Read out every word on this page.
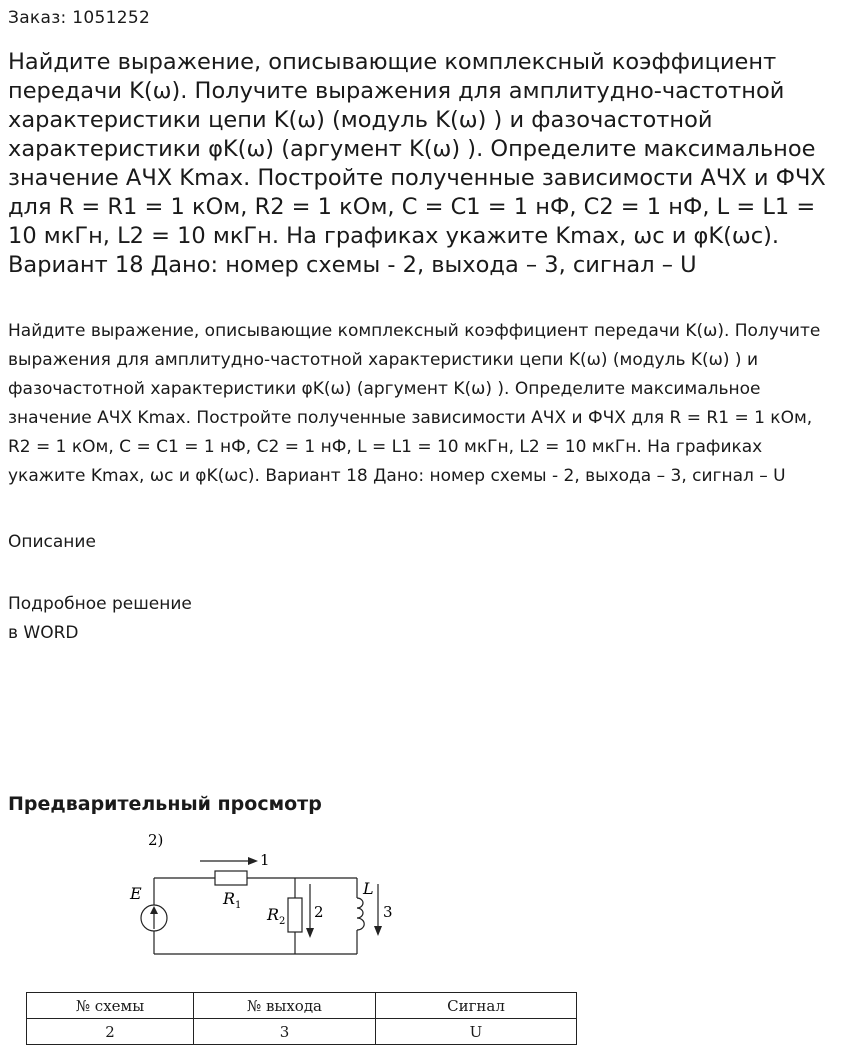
Заказ: 1051252
Найдите выражение, описывающие комплексный коэффициент передачи K(ω). Получите выражения для амплитудно-частотной характеристики цепи K(ω) (модуль K(ω) ) и фазочастотной характеристики φK(ω) (аргумент K(ω) ). Определите максимальное значение АЧХ Kmax. Постройте полученные зависимости АЧХ и ФЧХ для R = R1 = 1 кОм, R2 = 1 кОм, C = C1 = 1 нФ, C2 = 1 нФ, L = L1 = 10 мкГн, L2 = 10 мкГн. На графиках укажите Kmax, ωc и φK(ωc). Вариант 18 Дано: номер схемы - 2, выхода – 3, сигнал – U

Найдите выражение, описывающие комплексный коэффициент передачи K(ω). Получите выражения для амплитудно-частотной характеристики цепи K(ω) (модуль K(ω) ) и фазочастотной характеристики φK(ω) (аргумент K(ω) ). Определите максимальное значение АЧХ Kmax. Постройте полученные зависимости АЧХ и ФЧХ для R = R1 = 1 кОм, R2 = 1 кОм, C = C1 = 1 нФ, C2 = 1 нФ, L = L1 = 10 мкГн, L2 = 10 мкГн. На графиках укажите Kmax, ωc и φK(ωc). Вариант 18 Дано: номер схемы - 2, выхода – 3, сигнал – U

Описание
Подробное решение
в WORD
Предварительный просмотр
2)
E	$R_1$
1
$R_2$
2
L
3
№ схемы	№ выхода	Сигнал
2	3	U
